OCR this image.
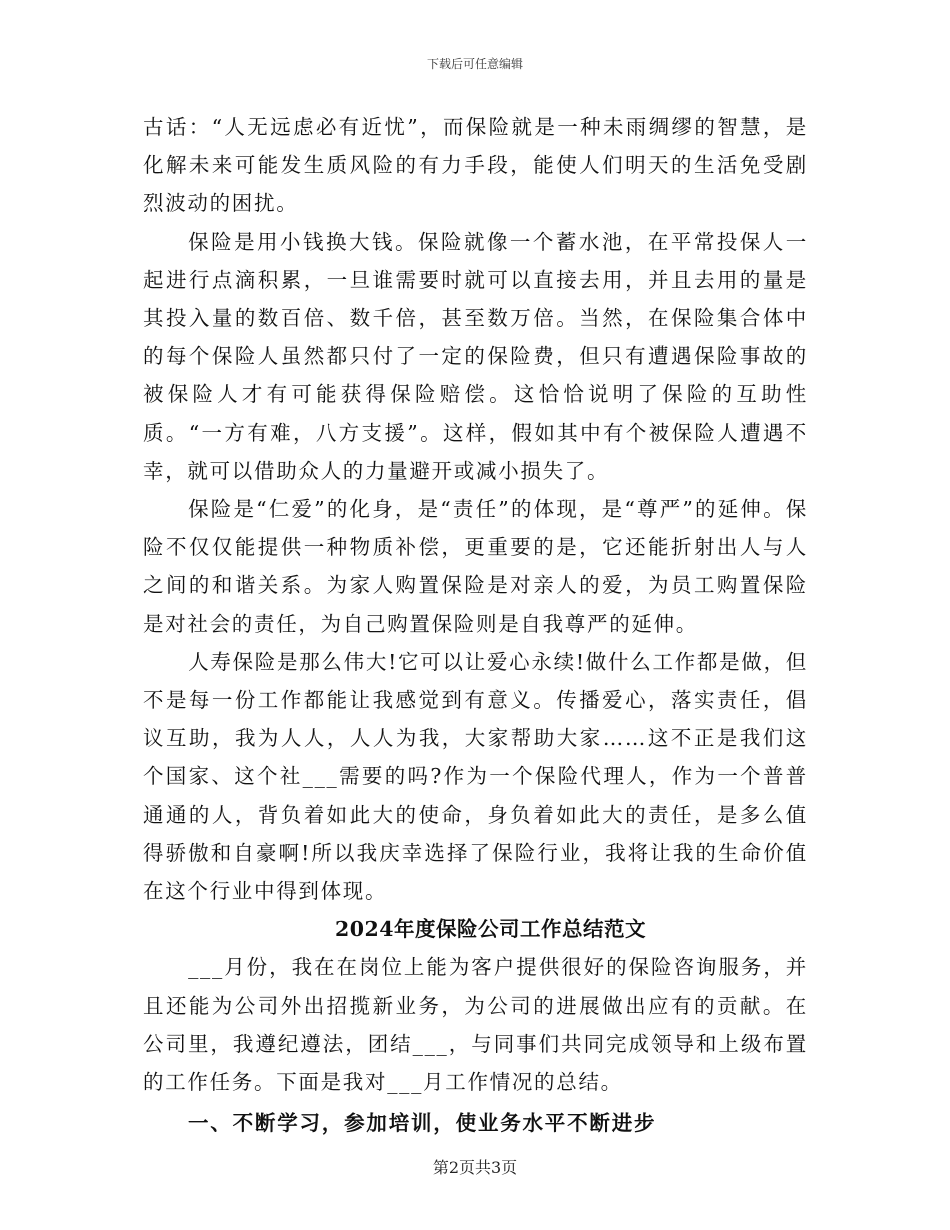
下载后可任意编辑

古话：“人无远虑必有近忧”，而保险就是一种未雨绸缪的智慧，是化解未来可能发生质风险的有力手段，能使人们明天的生活免受剧烈波动的困扰。

保险是用小钱换大钱。保险就像一个蓄水池，在平常投保人一起进行点滴积累，一旦谁需要时就可以直接去用，并且去用的量是其投入量的数百倍、数千倍，甚至数万倍。当然，在保险集合体中的每个保险人虽然都只付了一定的保险费，但只有遭遇保险事故的被保险人才有可能获得保险赔偿。这恰恰说明了保险的互助性质。“一方有难，八方支援”。这样，假如其中有个被保险人遭遇不幸，就可以借助众人的力量避开或减小损失了。

保险是“仁爱”的化身，是“责任”的体现，是“尊严”的延伸。保险不仅仅能提供一种物质补偿，更重要的是，它还能折射出人与人之间的和谐关系。为家人购置保险是对亲人的爱，为员工购置保险是对社会的责任，为自己购置保险则是自我尊严的延伸。

人寿保险是那么伟大!它可以让爱心永续!做什么工作都是做，但不是每一份工作都能让我感觉到有意义。传播爱心，落实责任，倡议互助，我为人人，人人为我，大家帮助大家……这不正是我们这个国家、这个社___需要的吗?作为一个保险代理人，作为一个普普通通的人，背负着如此大的使命，身负着如此大的责任，是多么值得骄傲和自豪啊!所以我庆幸选择了保险行业，我将让我的生命价值在这个行业中得到体现。

2024年度保险公司工作总结范文

___月份，我在在岗位上能为客户提供很好的保险咨询服务，并且还能为公司外出招揽新业务，为公司的进展做出应有的贡献。在公司里，我遵纪遵法，团结___，与同事们共同完成领导和上级布置的工作任务。下面是我对___月工作情况的总结。

一、不断学习，参加培训，使业务水平不断进步

第2页共3页
